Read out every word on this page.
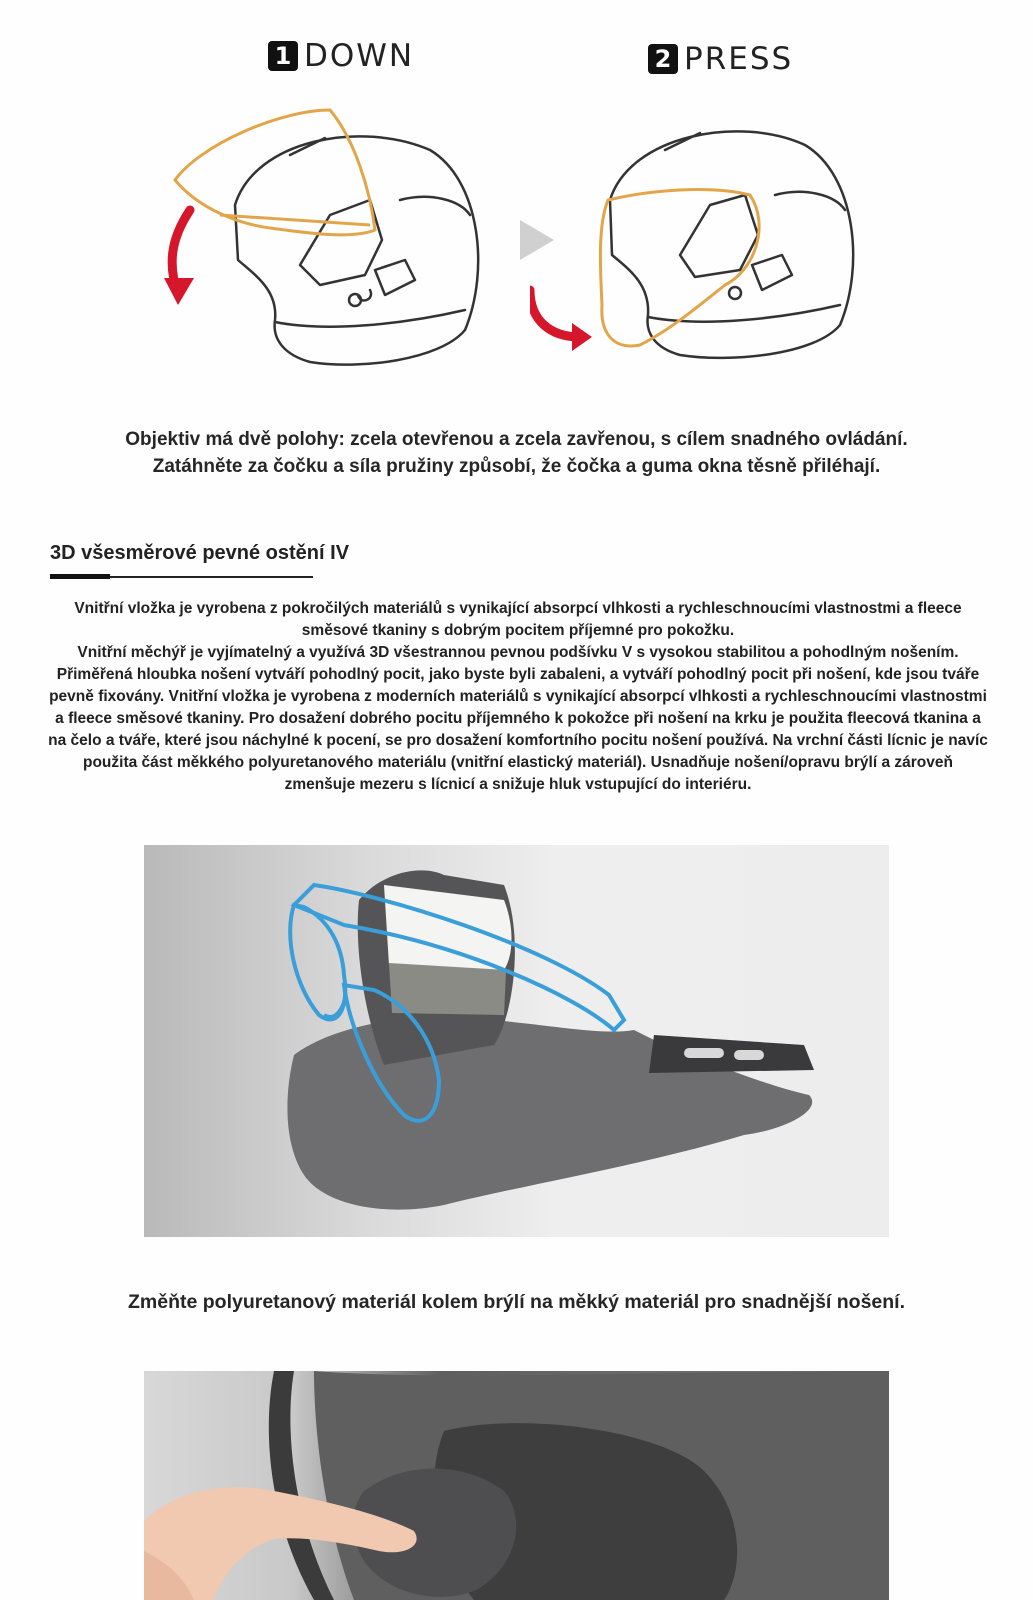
1 DOWN	2 PRESS
Objektiv má dvě polohy: zcela otevřenou a zcela zavřenou, s cílem snadného ovládání.
Zatáhněte za čočku a síla pružiny způsobí, že čočka a guma okna těsně přiléhají.
3D všesměrové pevné ostění IV

Vnitřní vložka je vyrobena z pokročilých materiálů s vynikající absorpcí vlhkosti a rychleschnoucími vlastnostmi a fleece směsové tkaniny s dobrým pocitem příjemné pro pokožku.

Vnitřní měchýř je vyjímatelný a využívá 3D všestrannou pevnou podšívku V s vysokou stabilitou a pohodlným nošením. Přiměřená hloubka nošení vytváří pohodlný pocit, jako byste byli zabaleni, a vytváří pohodlný pocit při nošení, kde jsou tváře pevně fixovány. Vnitřní vložka je vyrobena z moderních materiálů s vynikající absorpcí vlhkosti a rychleschnoucími vlastnostmi a fleece směsové tkaniny. Pro dosažení dobrého pocitu příjemného k pokožce při nošení na krku je použita fleecová tkanina a na čelo a tváře, které jsou náchylné k pocení, se pro dosažení komfortního pocitu nošení používá. Na vrchní části lícnic je navíc použita část měkkého polyuretanového materiálu (vnitřní elastický materiál). Usnadňuje nošení/opravu brýlí a zároveň zmenšuje mezeru s lícnicí a snižuje hluk vstupující do interiéru.

Změňte polyuretanový materiál kolem brýlí na měkký materiál pro snadnější nošení.
